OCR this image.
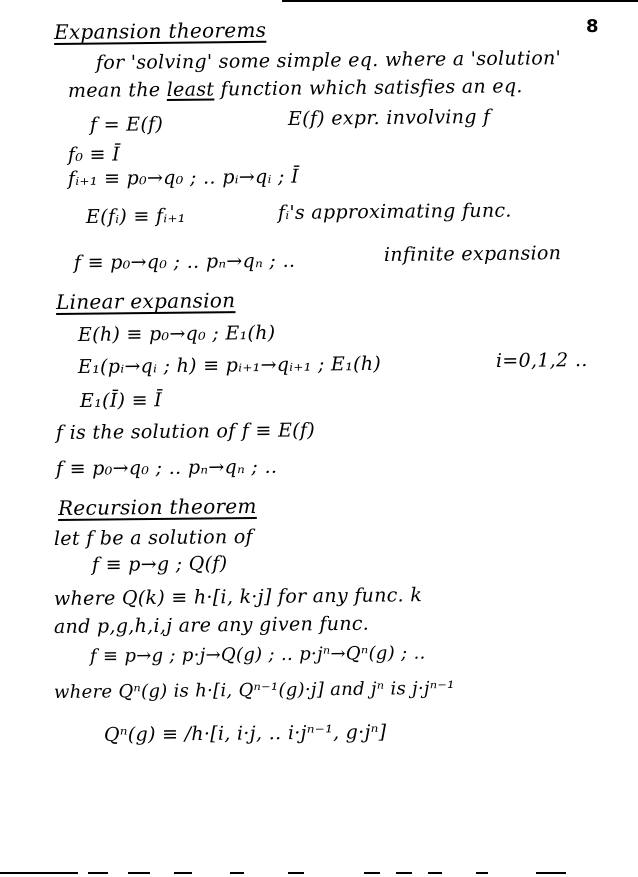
8
Expansion theorems
for 'solving' some simple eq. where a 'solution'
mean the least function which satisfies an eq.
f = E(f)	E(f) expr. involving f
f₀ ≡ Ī
fᵢ₊₁ ≡ p₀→q₀ ; ‥ pᵢ→qᵢ ; Ī
E(fᵢ) ≡ fᵢ₊₁	fᵢ's approximating func.
f ≡ p₀→q₀ ; ‥ pₙ→qₙ ; ‥	infinite expansion
Linear expansion
E(h) ≡ p₀→q₀ ; E₁(h)
E₁(pᵢ→qᵢ ; h) ≡ pᵢ₊₁→qᵢ₊₁ ; E₁(h)	i=0,1,2 ‥
E₁(Ī) ≡ Ī
f is the solution of f ≡ E(f)
f ≡ p₀→q₀ ; ‥ pₙ→qₙ ; ‥
Recursion theorem
let f be a solution of
f ≡ p→g ; Q(f)
where Q(k) ≡ h·[i, k·j] for any func. k
and p,g,h,i,j are any given func.
f ≡ p→g ; p·j→Q(g) ; ‥ p·jⁿ→Qⁿ(g) ; ‥
where Qⁿ(g) is h·[i, Qⁿ⁻¹(g)·j] and jⁿ is j·jⁿ⁻¹
Qⁿ(g) ≡ /h·[i, i·j, ‥ i·jⁿ⁻¹, g·jⁿ]
